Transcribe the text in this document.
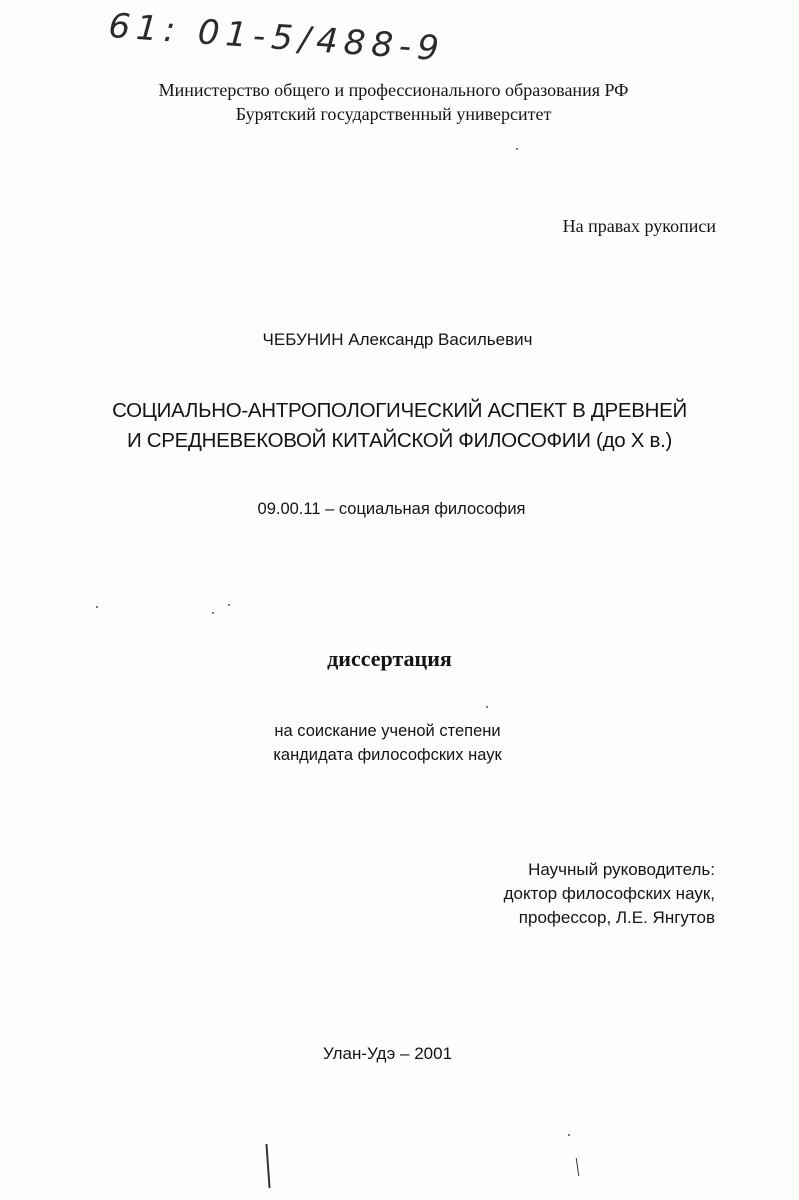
61: 01-5/488-9
Министерство общего и профессионального образования РФ
Бурятский государственный университет
На правах рукописи
ЧЕБУНИН Александр Васильевич
СОЦИАЛЬНО-АНТРОПОЛОГИЧЕСКИЙ АСПЕКТ В ДРЕВНЕЙ
И СРЕДНЕВЕКОВОЙ КИТАЙСКОЙ ФИЛОСОФИИ (до X в.)
09.00.11 – социальная философия
диссертация
на соискание ученой степени
кандидата философских наук
Научный руководитель:
доктор философских наук,
профессор, Л.Е. Янгутов
Улан-Удэ – 2001
